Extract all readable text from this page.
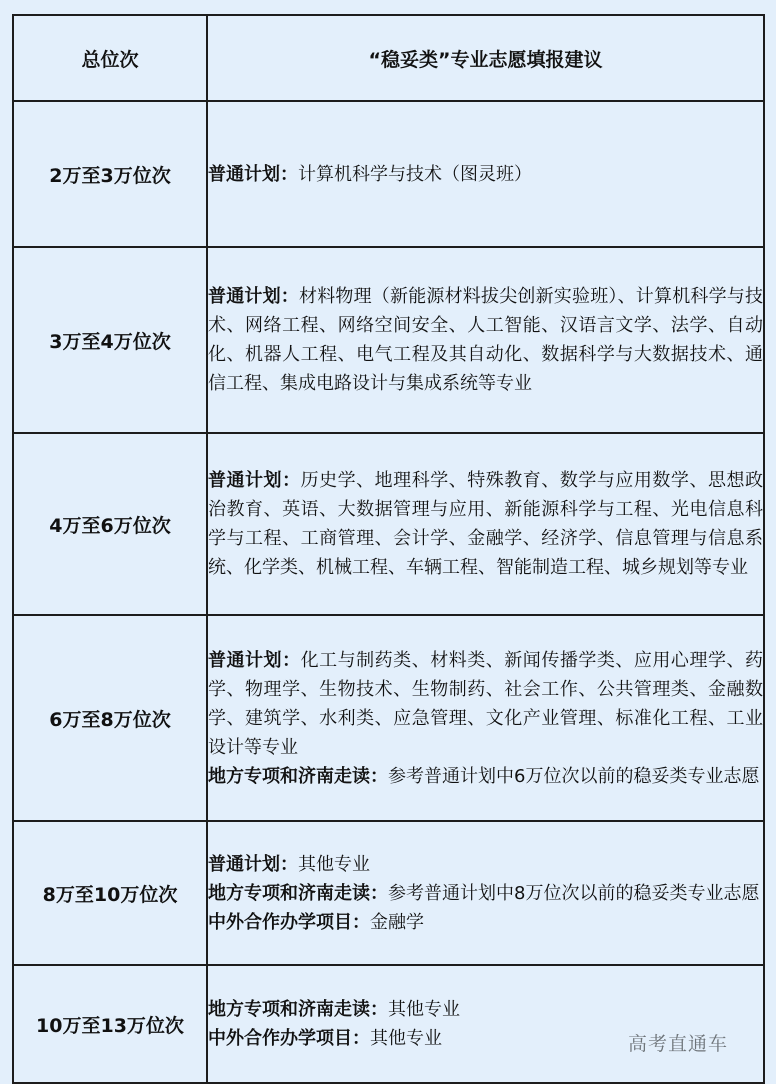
总位次	“稳妥类”专业志愿填报建议
2万至3万位次	普通计划：计算机科学与技术（图灵班）

3万至4万位次	普通计划：材料物理（新能源材料拔尖创新实验班）、计算机科学与技术、网络工程、网络空间安全、人工智能、汉语言文学、法学、自动化、机器人工程、电气工程及其自动化、数据科学与大数据技术、通信工程、集成电路设计与集成系统等专业

4万至6万位次	普通计划：历史学、地理科学、特殊教育、数学与应用数学、思想政治教育、英语、大数据管理与应用、新能源科学与工程、光电信息科学与工程、工商管理、会计学、金融学、经济学、信息管理与信息系统、化学类、机械工程、车辆工程、智能制造工程、城乡规划等专业

6万至8万位次	普通计划：化工与制药类、材料类、新闻传播学类、应用心理学、药学、物理学、生物技术、生物制药、社会工作、公共管理类、金融数学、建筑学、水利类、应急管理、文化产业管理、标准化工程、工业设计等专业
地方专项和济南走读：参考普通计划中6万位次以前的稳妥类专业志愿

8万至10万位次	普通计划：其他专业
地方专项和济南走读：参考普通计划中8万位次以前的稳妥类专业志愿
中外合作办学项目：金融学

10万至13万位次	地方专项和济南走读：其他专业
中外合作办学项目：其他专业	高考直通车
